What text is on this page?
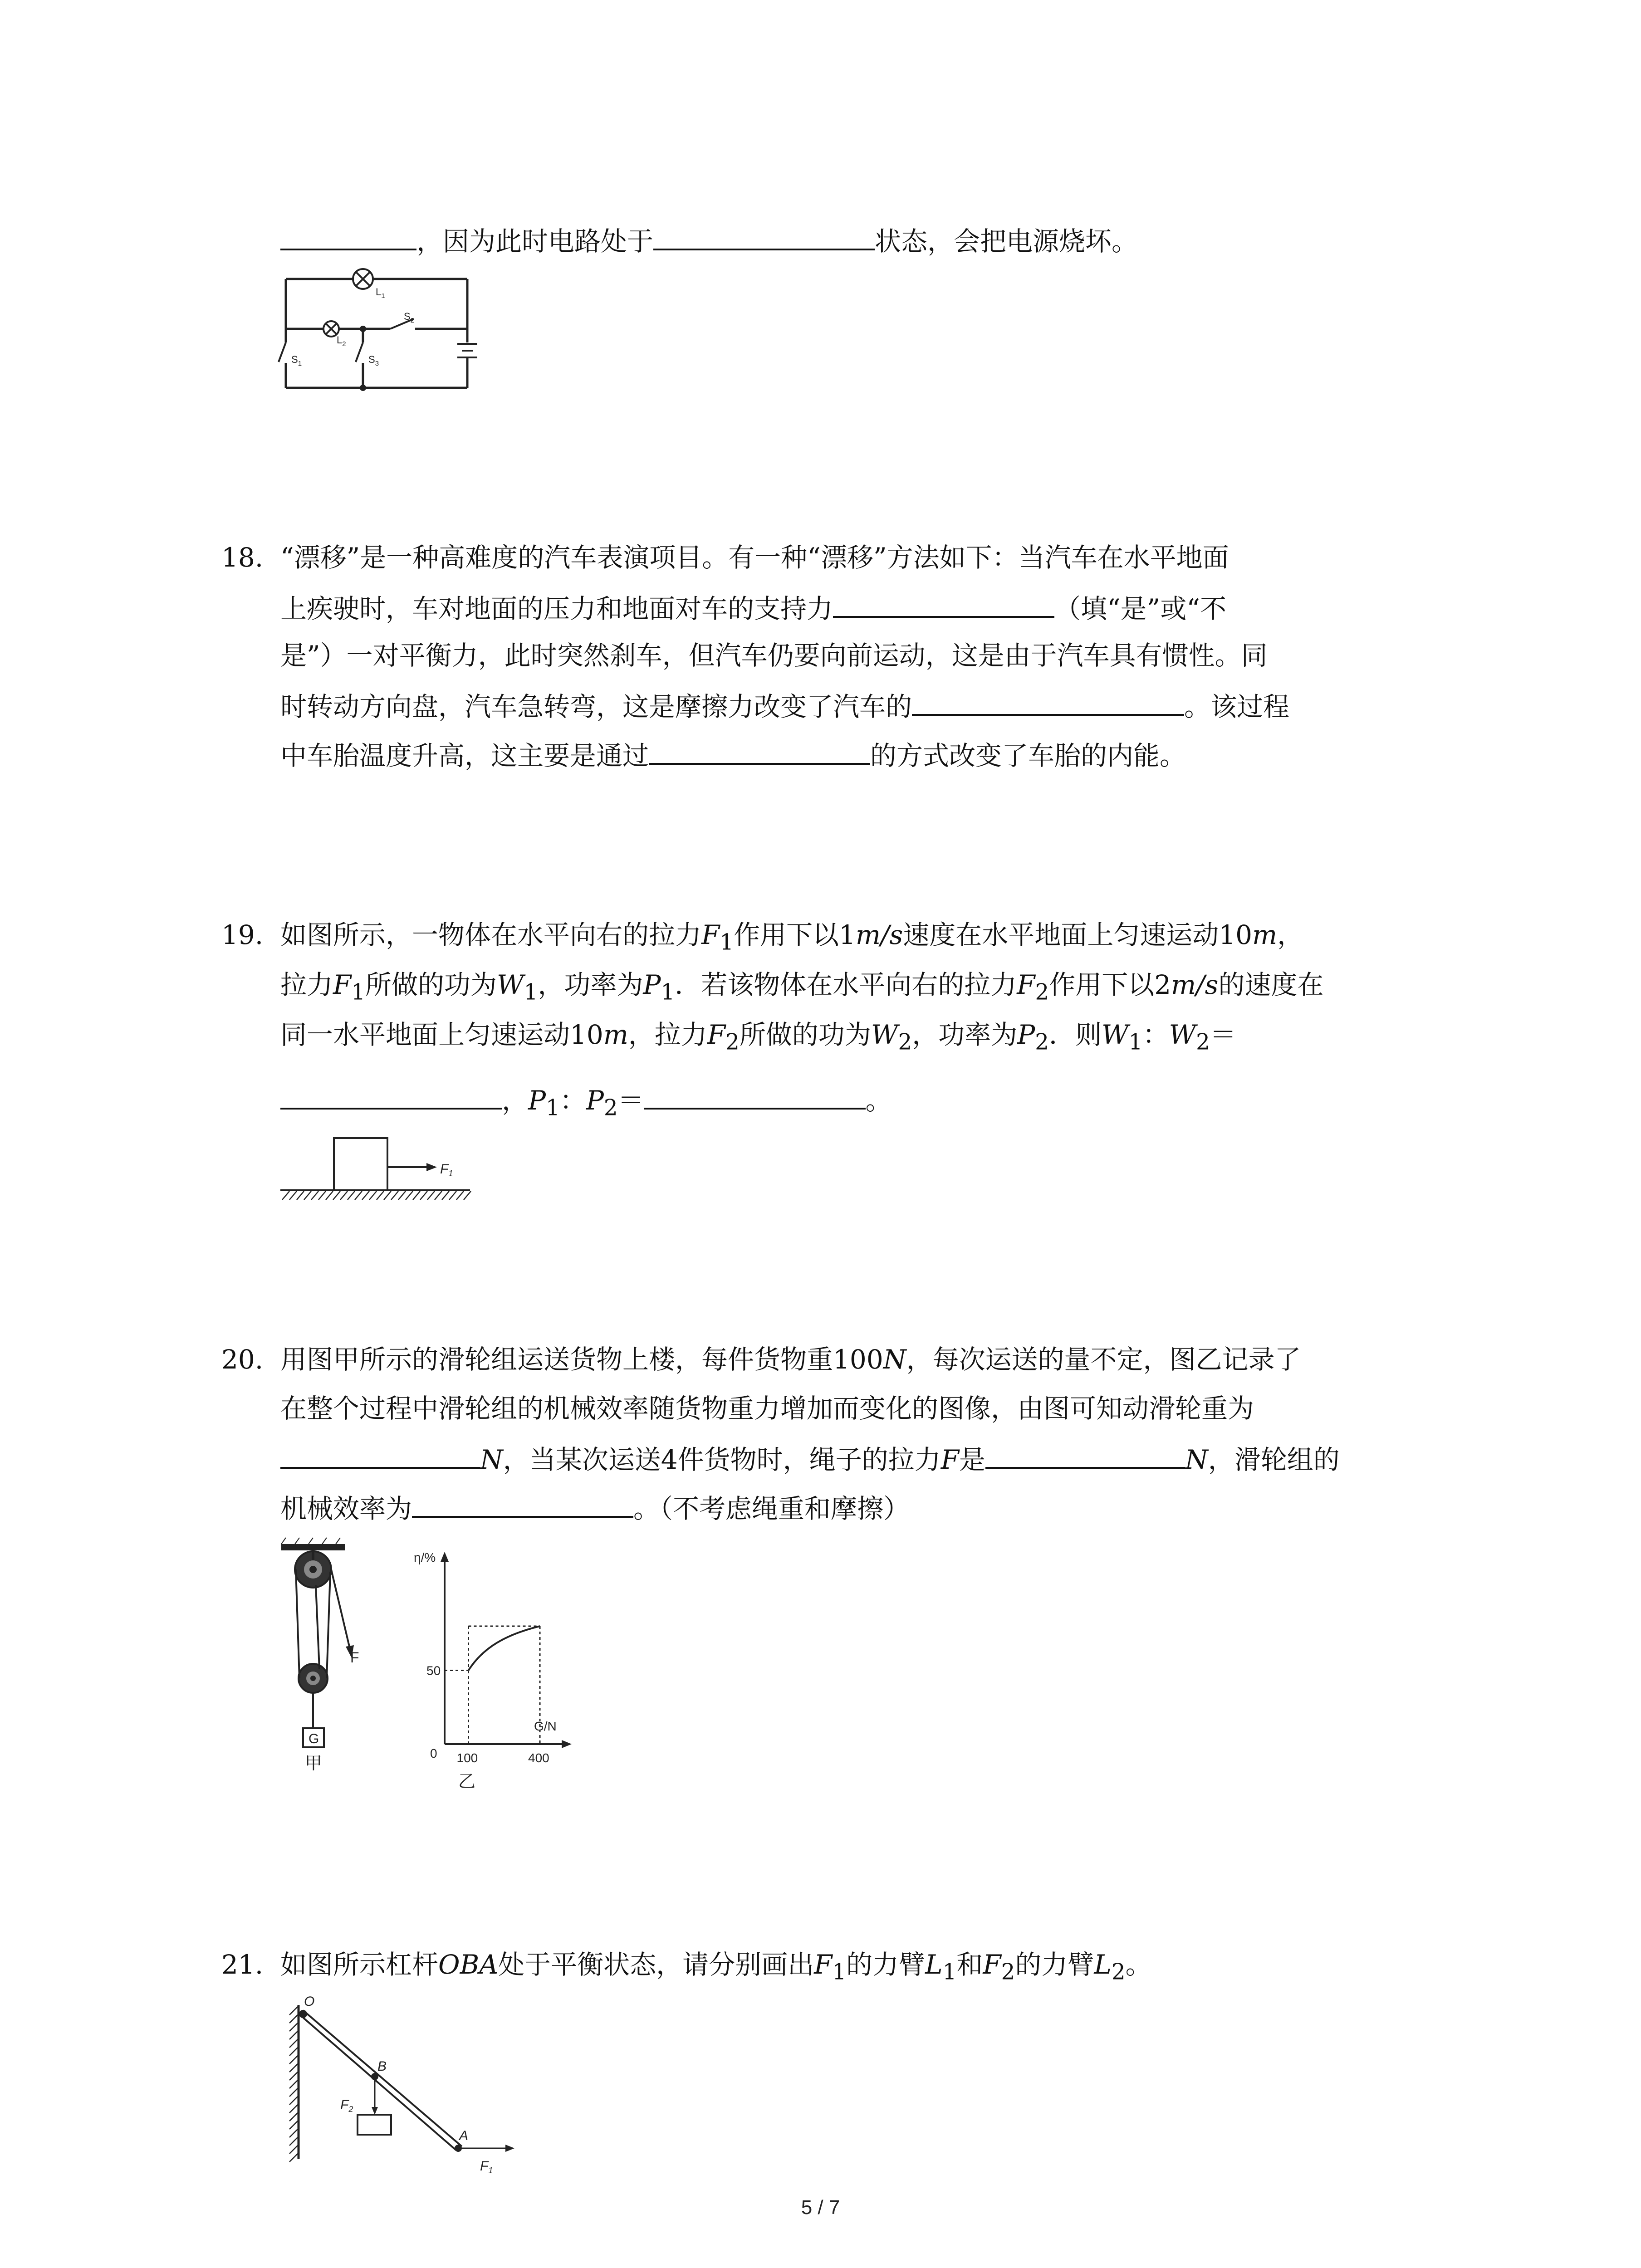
，因为此时电路处于	状态，会把电源烧坏。
$L_1$
$L_2$
$S_2$
$S_1$	$S_3$
18. “漂移”是一种高难度的汽车表演项目。有一种“漂移”方法如下：当汽车在水平地面
上疾驶时，车对地面的压力和地面对车的支持力	（填“是”或“不
是”）一对平衡力，此时突然刹车，但汽车仍要向前运动，这是由于汽车具有惯性。同
时转动方向盘，汽车急转弯，这是摩擦力改变了汽车的	。该过程
中车胎温度升高，这主要是通过	的方式改变了车胎的内能。
19. 如图所示，一物体在水平向右的拉力$F_1$作用下以1m/s速度在水平地面上匀速运动10m，
拉力$F_1$所做的功为$W_1$，功率为$P_1$．若该物体在水平向右的拉力$F_2$作用下以2m/s的速度在
同一水平地面上匀速运动10m，拉力$F_2$所做的功为$W_2$，功率为$P_2$．则$W_1$：$W_2=$
，$P_1$：$P_2=$	。
$F_1$
20. 用图甲所示的滑轮组运送货物上楼，每件货物重100N，每次运送的量不定，图乙记录了
在整个过程中滑轮组的机械效率随货物重力增加而变化的图像，由图可知动滑轮重为
N，当某次运送4件货物时，绳子的拉力F是	N，滑轮组的
机械效率为	。（不考虑绳重和摩擦）
F
G
甲
η/%
G/N
50
0 100	400
乙
21. 如图所示杠杆OBA处于平衡状态，请分别画出$F_1$的力臂$L_1$和$F_2$的力臂$L_2$。
O
B
A
$F_2$
$F_1$
5 / 7
